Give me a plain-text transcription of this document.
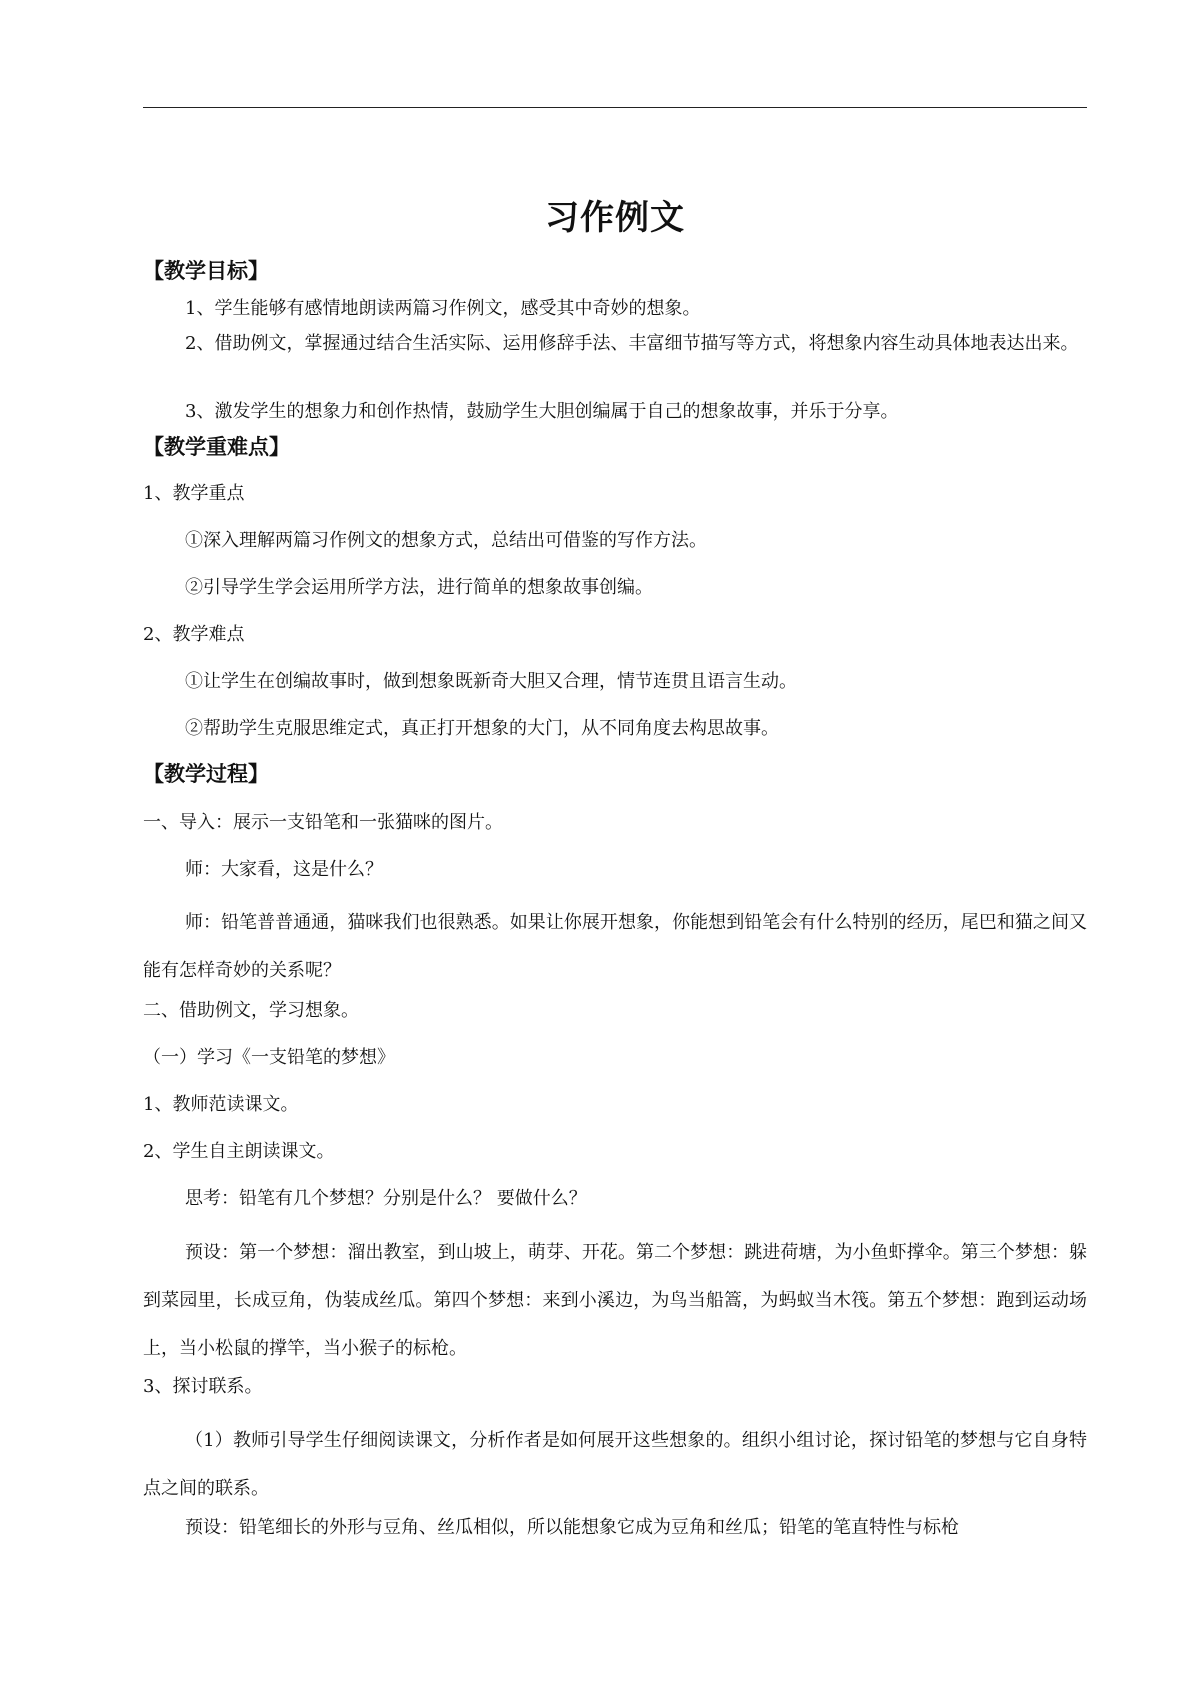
习作例文
【教学目标】
1、学生能够有感情地朗读两篇习作例文，感受其中奇妙的想象。
2、借助例文，掌握通过结合生活实际、运用修辞手法、丰富细节描写等方式，将想象内容生动具体地表达出来。
3、激发学生的想象力和创作热情，鼓励学生大胆创编属于自己的想象故事，并乐于分享。
【教学重难点】
1、教学重点
①深入理解两篇习作例文的想象方式，总结出可借鉴的写作方法。
②引导学生学会运用所学方法，进行简单的想象故事创编。
2、教学难点
①让学生在创编故事时，做到想象既新奇大胆又合理，情节连贯且语言生动。
②帮助学生克服思维定式，真正打开想象的大门，从不同角度去构思故事。
【教学过程】
一、导入：展示一支铅笔和一张猫咪的图片。
师：大家看，这是什么？
师：铅笔普普通通，猫咪我们也很熟悉。如果让你展开想象，你能想到铅笔会有什么特别的经历，尾巴和猫之间又能有怎样奇妙的关系呢？
二、借助例文，学习想象。
（一）学习《一支铅笔的梦想》
1、教师范读课文。
2、学生自主朗读课文。
思考：铅笔有几个梦想？分别是什么？ 要做什么？
预设：第一个梦想：溜出教室，到山坡上，萌芽、开花。第二个梦想：跳进荷塘，为小鱼虾撑伞。第三个梦想：躲到菜园里，长成豆角，伪装成丝瓜。第四个梦想：来到小溪边，为鸟当船篙，为蚂蚁当木筏。第五个梦想：跑到运动场上，当小松鼠的撑竿，当小猴子的标枪。
3、探讨联系。
（1）教师引导学生仔细阅读课文，分析作者是如何展开这些想象的。组织小组讨论，探讨铅笔的梦想与它自身特点之间的联系。
预设：铅笔细长的外形与豆角、丝瓜相似，所以能想象它成为豆角和丝瓜；铅笔的笔直特性与标枪
